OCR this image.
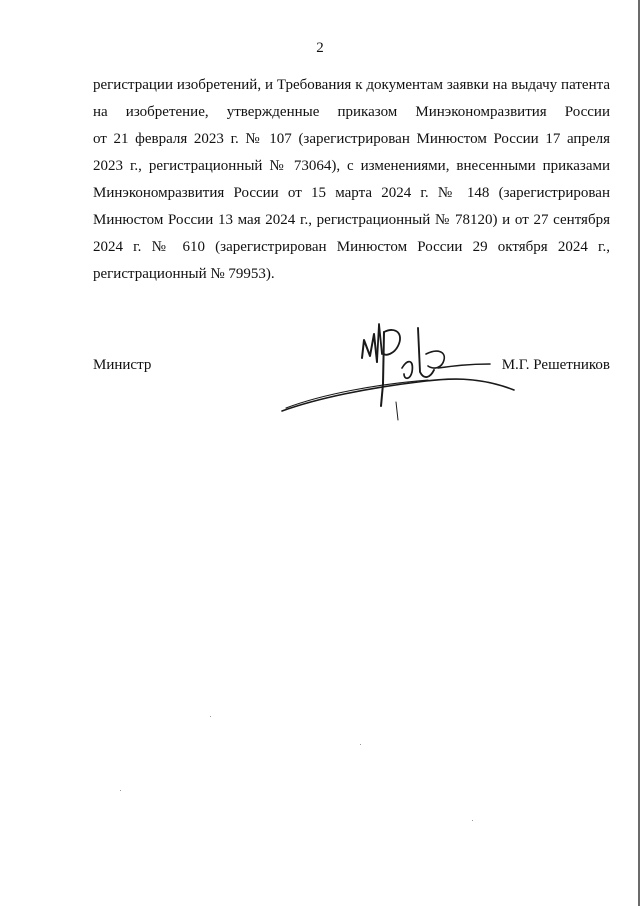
2
регистрации изобретений, и Требования к документам заявки на выдачу патента
на изобретение, утвержденные приказом Минэкономразвития России
от 21 февраля 2023 г. № 107 (зарегистрирован Минюстом России 17 апреля
2023 г., регистрационный № 73064), с изменениями, внесенными приказами
Минэкономразвития России от 15 марта 2024 г. № 148 (зарегистрирован
Минюстом России 13 мая 2024 г., регистрационный № 78120) и от 27 сентября
2024 г. № 610 (зарегистрирован Минюстом России 29 октября 2024 г.,
регистрационный № 79953).
Министр	М.Г. Решетников
